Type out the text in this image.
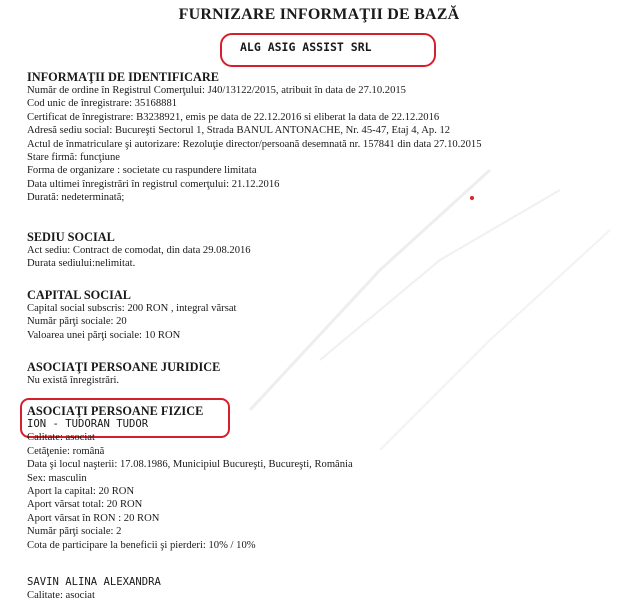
FURNIZARE INFORMAŢII DE BAZĂ
ALG ASIG ASSIST SRL
INFORMAŢII DE IDENTIFICARE
Număr de ordine în Registrul Comerţului: J40/13122/2015, atribuit în data de 27.10.2015
Cod unic de înregistrare: 35168881
Certificat de înregistrare: B3238921, emis pe data de 22.12.2016 si eliberat la data de 22.12.2016
Adresă sediu social: Bucureşti Sectorul 1, Strada BANUL ANTONACHE, Nr. 45-47, Etaj 4, Ap. 12
Actul de înmatriculare şi autorizare: Rezoluţie director/persoană desemnată nr. 157841 din data 27.10.2015
Stare firmă: funcţiune
Forma de organizare : societate cu raspundere limitata
Data ultimei înregistrări în registrul comerţului: 21.12.2016
Durată: nedeterminată;
SEDIU SOCIAL
Act sediu: Contract de comodat, din data 29.08.2016
Durata sediului:nelimitat.
CAPITAL SOCIAL
Capital social subscris: 200 RON , integral vărsat
Număr părţi sociale: 20
Valoarea unei părţi sociale: 10 RON
ASOCIAŢI PERSOANE JURIDICE
Nu există înregistrări.
ASOCIAŢI PERSOANE FIZICE
ION - TUDORAN TUDOR
Calitate: asociat
Cetăţenie: română
Data şi locul naşterii: 17.08.1986, Municipiul Bucureşti, Bucureşti, România
Sex: masculin
Aport la capital: 20 RON
Aport vărsat total: 20 RON
Aport vărsat în RON : 20 RON
Număr părţi sociale: 2
Cota de participare la beneficii şi pierderi: 10% / 10%
SAVIN ALINA ALEXANDRA
Calitate: asociat
